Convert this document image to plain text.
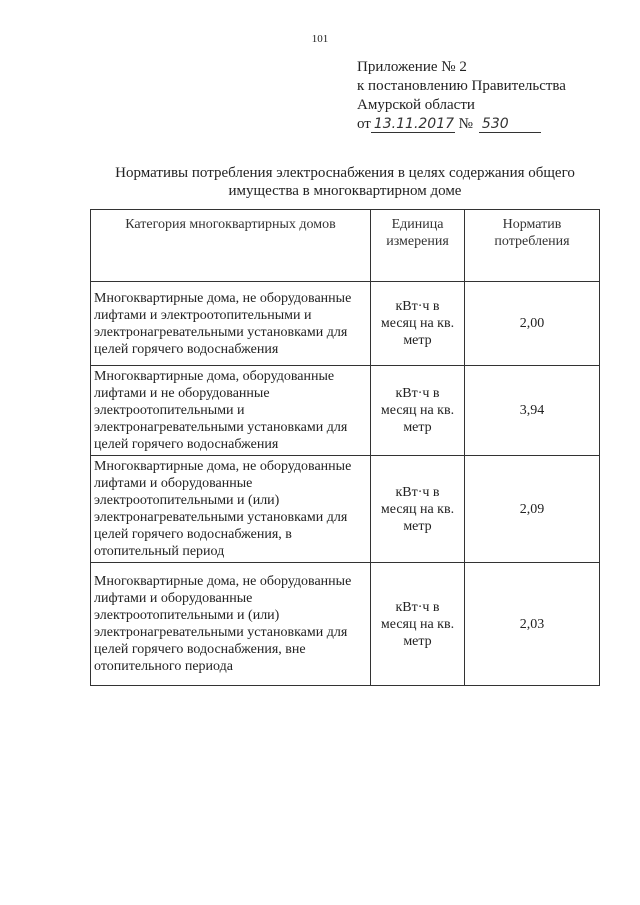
101
Приложение № 2
к постановлению Правительства
Амурской области
от 13.11.2017 № 530
Нормативы потребления электроснабжения в целях содержания общего имущества в многоквартирном доме
Категория многоквартирных домов	Единица измерения	Норматив потребления
Многоквартирные дома, не оборудованные лифтами и электроотопительными и электронагревательными установками для целей горячего водоснабжения	кВт·ч в месяц на кв. метр	2,00
Многоквартирные дома, оборудованные лифтами и не оборудованные электроотопительными и электронагревательными установками для целей горячего водоснабжения	кВт·ч в месяц на кв. метр	3,94
Многоквартирные дома, не оборудованные лифтами и оборудованные электроотопительными и (или) электронагревательными установками для целей горячего водоснабжения, в отопительный период	кВт·ч в месяц на кв. метр	2,09
Многоквартирные дома, не оборудованные лифтами и оборудованные электроотопительными и (или) электронагревательными установками для целей горячего водоснабжения, вне отопительного периода	кВт·ч в месяц на кв. метр	2,03
